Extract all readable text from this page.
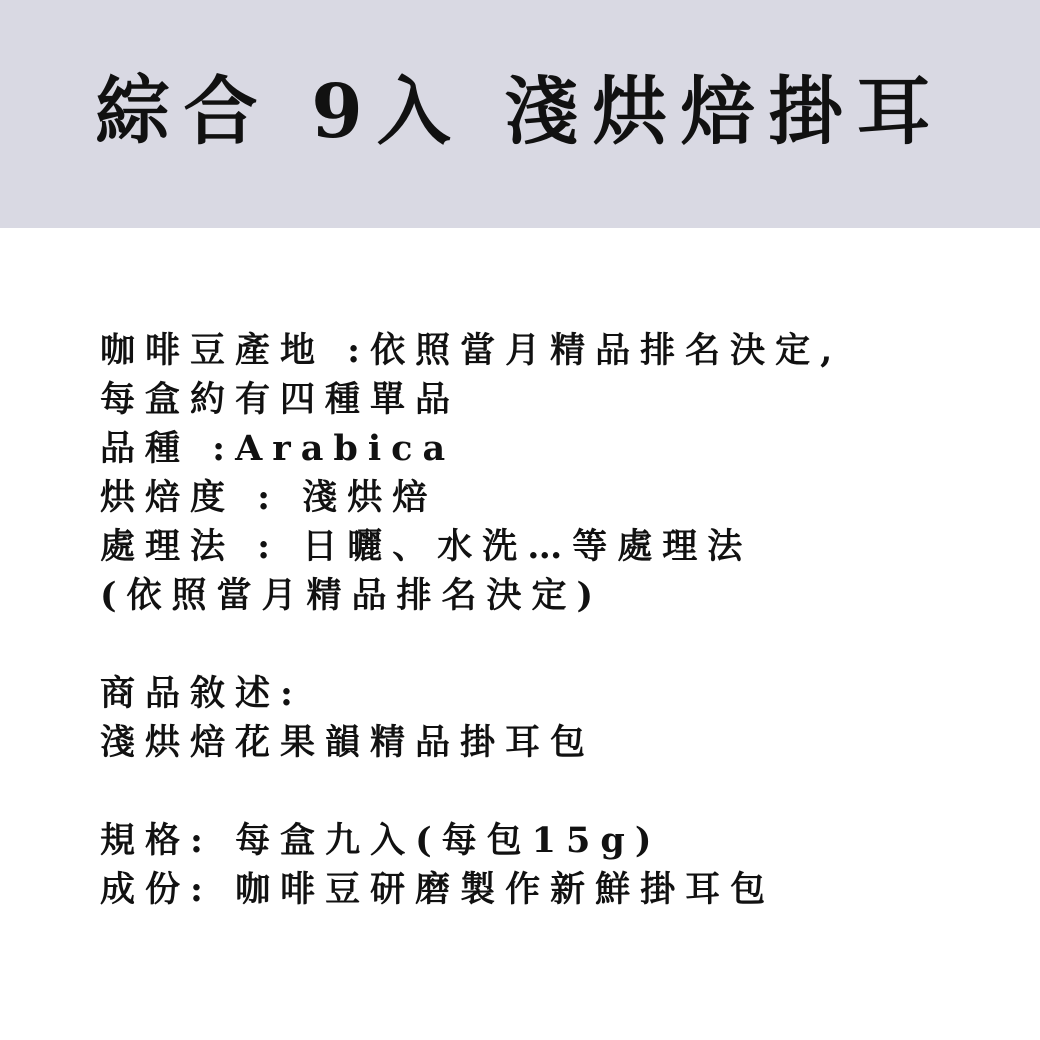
綜合 9入 淺烘焙掛耳
咖啡豆產地 :依照當月精品排名決定,
每盒約有四種單品
品種 :Arabica
烘焙度 : 淺烘焙
處理法 : 日曬、水洗…等處理法
(依照當月精品排名決定)
商品敘述:
淺烘焙花果韻精品掛耳包
規格: 每盒九入(每包15g)
成份: 咖啡豆研磨製作新鮮掛耳包
